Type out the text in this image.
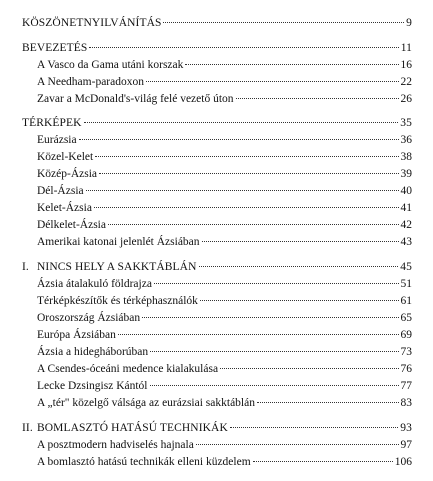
KÖSZÖNETNYILVÁNÍTÁS	9
BEVEZETÉS	11
A Vasco da Gama utáni korszak	16
A Needham-paradoxon	22
Zavar a McDonald's-világ felé vezető úton	26
TÉRKÉPEK	35
Eurázsia	36
Közel-Kelet	38
Közép-Ázsia	39
Dél-Ázsia	40
Kelet-Ázsia	41
Délkelet-Ázsia	42
Amerikai katonai jelenlét Ázsiában	43
I. NINCS HELY A SAKKTÁBLÁN	45
Ázsia átalakuló földrajza	51
Térképkészítők és térképhasználók	61
Oroszország Ázsiában	65
Európa Ázsiában	69
Ázsia a hidegháborúban	73
A Csendes-óceáni medence kialakulása	76
Lecke Dzsingisz Kántól	77
A „tér" közelgő válsága az eurázsiai sakktáblán	83
II. BOMLASZTÓ HATÁSÚ TECHNIKÁK	93
A posztmodern hadviselés hajnala	97
A bomlasztó hatású technikák elleni küzdelem	106
